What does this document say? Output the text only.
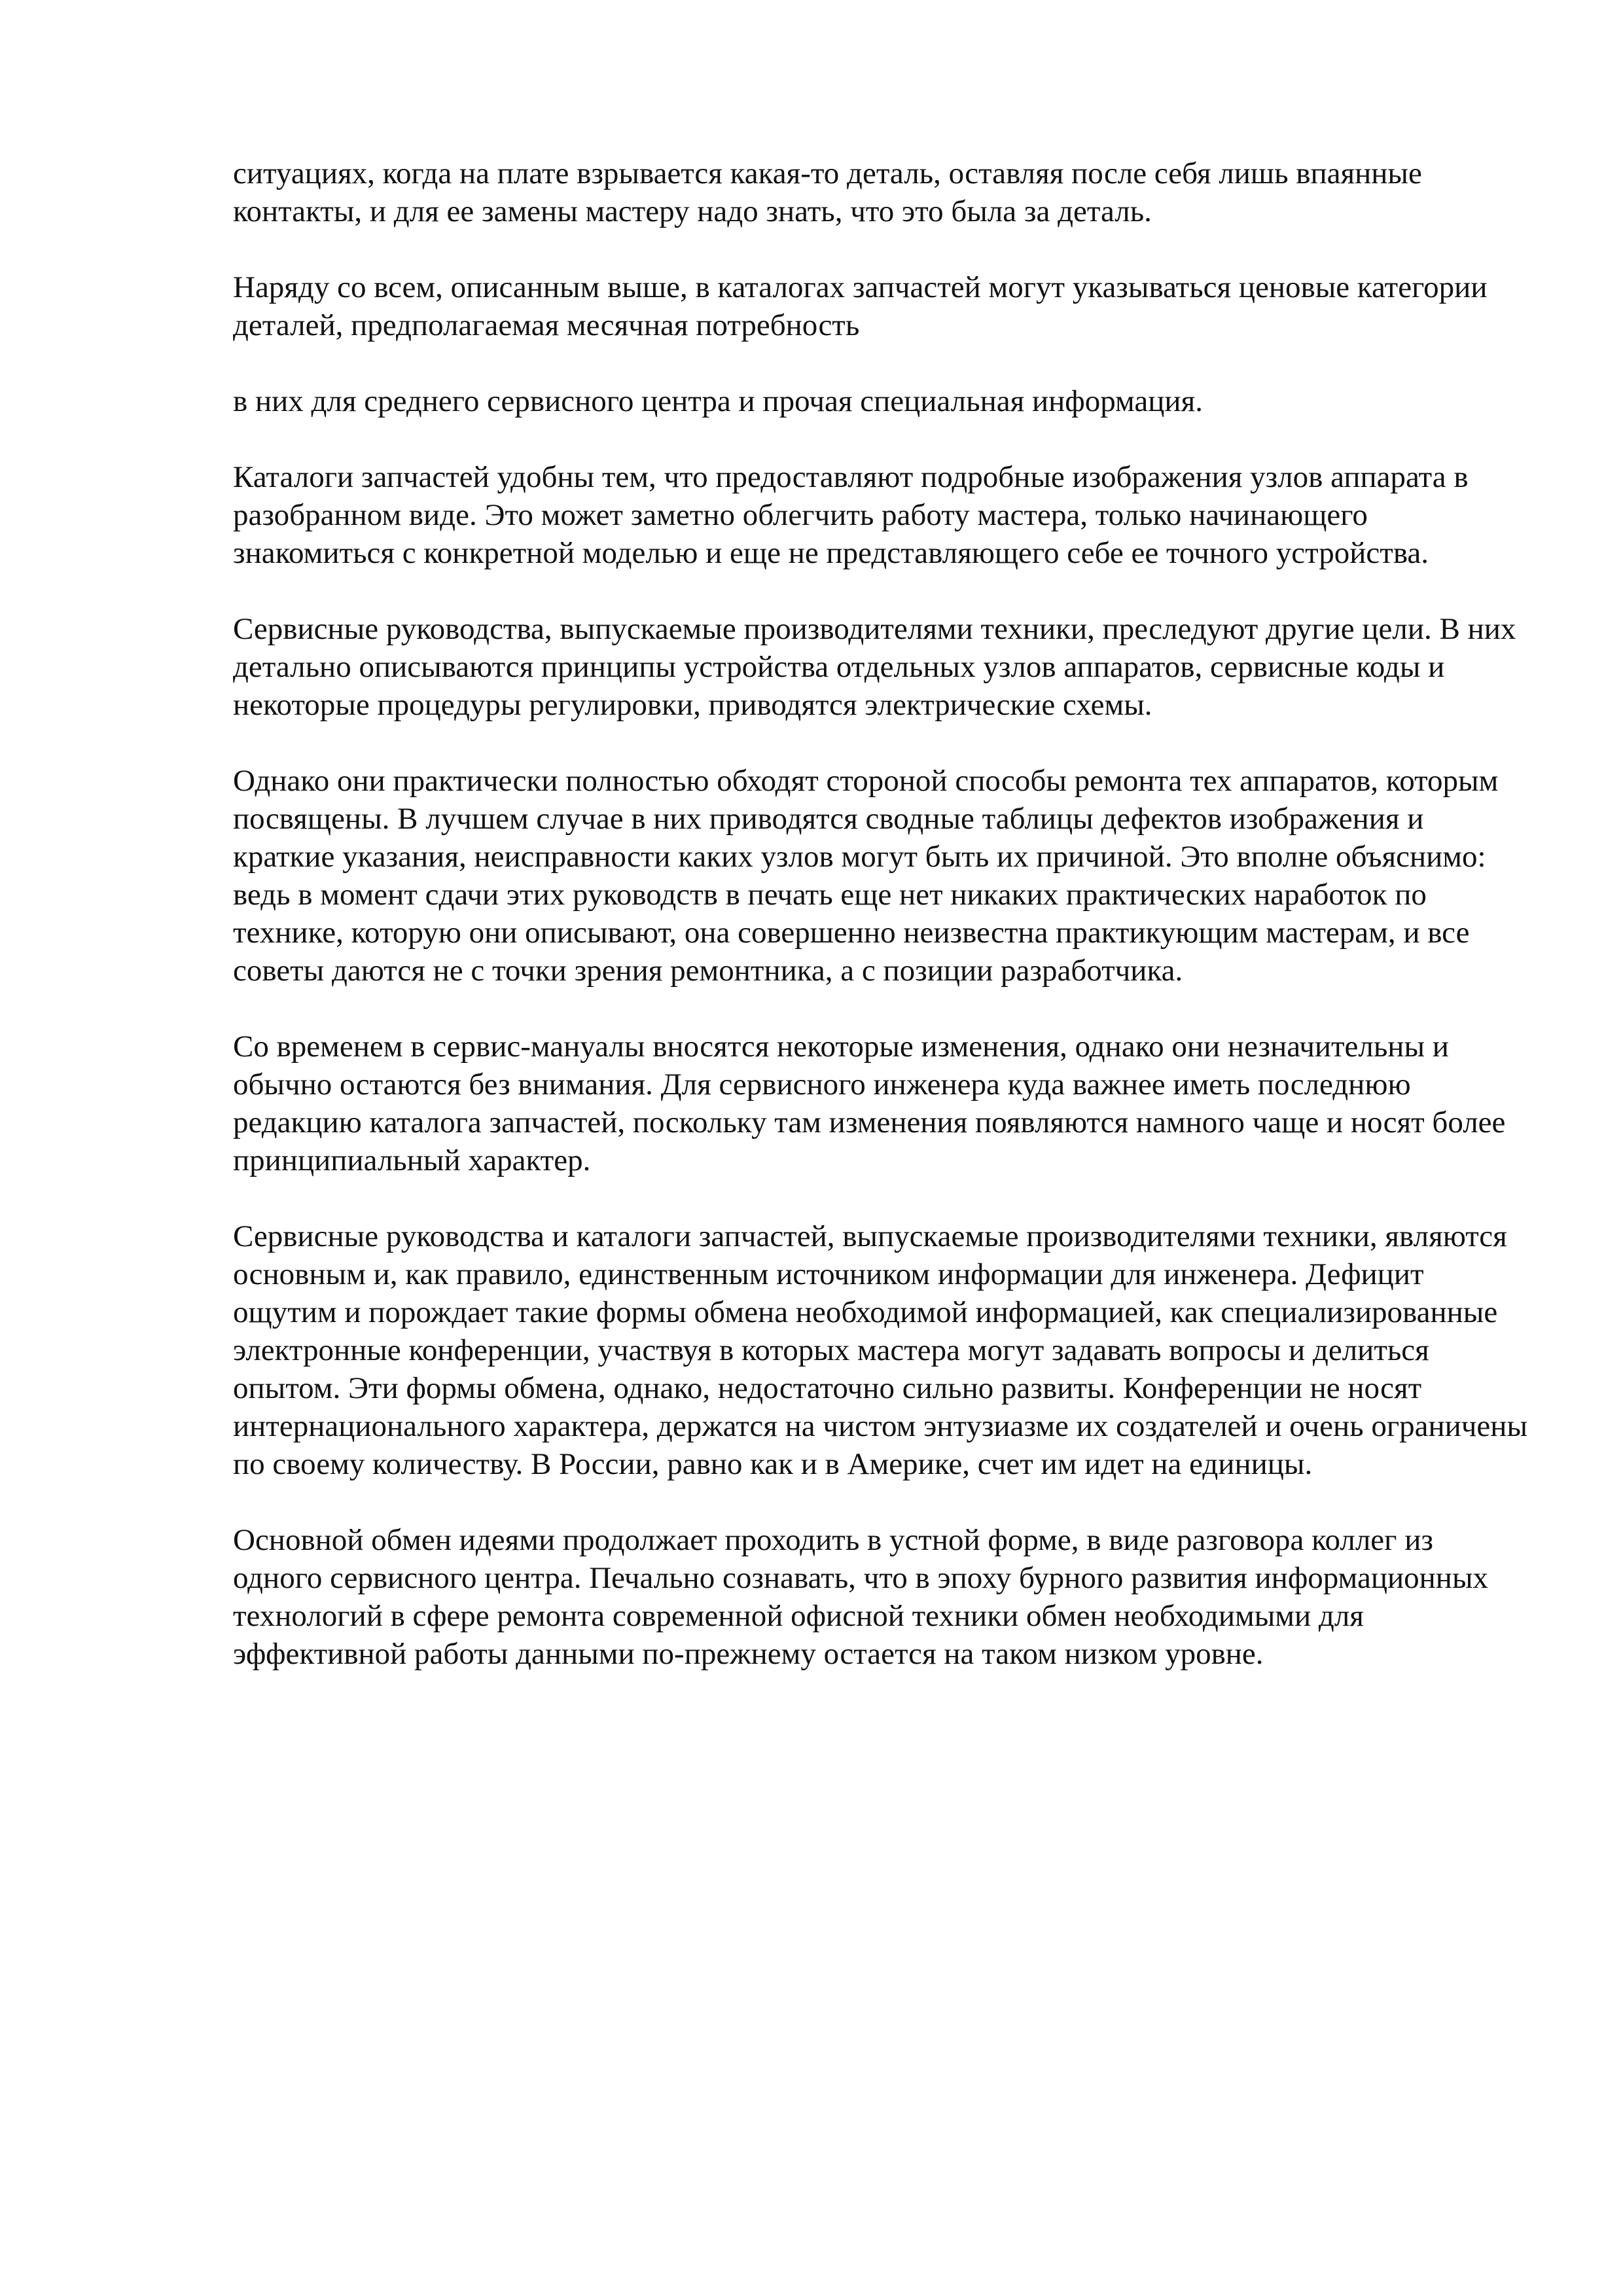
ситуациях, когда на плате взрывается какая-то деталь, оставляя после себя лишь впаянные контакты, и для ее замены мастеру надо знать, что это была за деталь.

Наряду со всем, описанным выше, в каталогах запчастей могут указываться ценовые категории деталей, предполагаемая месячная потребность

в них для среднего сервисного центра и прочая специальная информация.

Каталоги запчастей удобны тем, что предоставляют подробные изображения узлов аппарата в разобранном виде. Это может заметно облегчить работу мастера, только начинающего знакомиться с конкретной моделью и еще не представляющего себе ее точного устройства.

Сервисные руководства, выпускаемые производителями техники, преследуют другие цели. В них детально описываются принципы устройства отдельных узлов аппаратов, сервисные коды и некоторые процедуры регулировки, приводятся электрические схемы.

Однако они практически полностью обходят стороной способы ремонта тех аппаратов, которым посвящены. В лучшем случае в них приводятся сводные таблицы дефектов изображения и краткие указания, неисправности каких узлов могут быть их причиной. Это вполне объяснимо: ведь в момент сдачи этих руководств в печать еще нет никаких практических наработок по технике, которую они описывают, она совершенно неизвестна практикующим мастерам, и все советы даются не с точки зрения ремонтника, а с позиции разработчика.

Со временем в сервис-мануалы вносятся некоторые изменения, однако они незначительны и обычно остаются без внимания. Для сервисного инженера куда важнее иметь последнюю редакцию каталога запчастей, поскольку там изменения появляются намного чаще и носят более принципиальный характер.

Сервисные руководства и каталоги запчастей, выпускаемые производителями техники, являются основным и, как правило, единственным источником информации для инженера. Дефицит ощутим и порождает такие формы обмена необходимой информацией, как специализированные электронные конференции, участвуя в которых мастера могут задавать вопросы и делиться опытом. Эти формы обмена, однако, недостаточно сильно развиты. Конференции не носят интернационального характера, держатся на чистом энтузиазме их создателей и очень ограничены по своему количеству. В России, равно как и в Америке, счет им идет на единицы.

Основной обмен идеями продолжает проходить в устной форме, в виде разговора коллег из одного сервисного центра. Печально сознавать, что в эпоху бурного развития информационных технологий в сфере ремонта современной офисной техники обмен необходимыми для эффективной работы данными по-прежнему остается на таком низком уровне.
